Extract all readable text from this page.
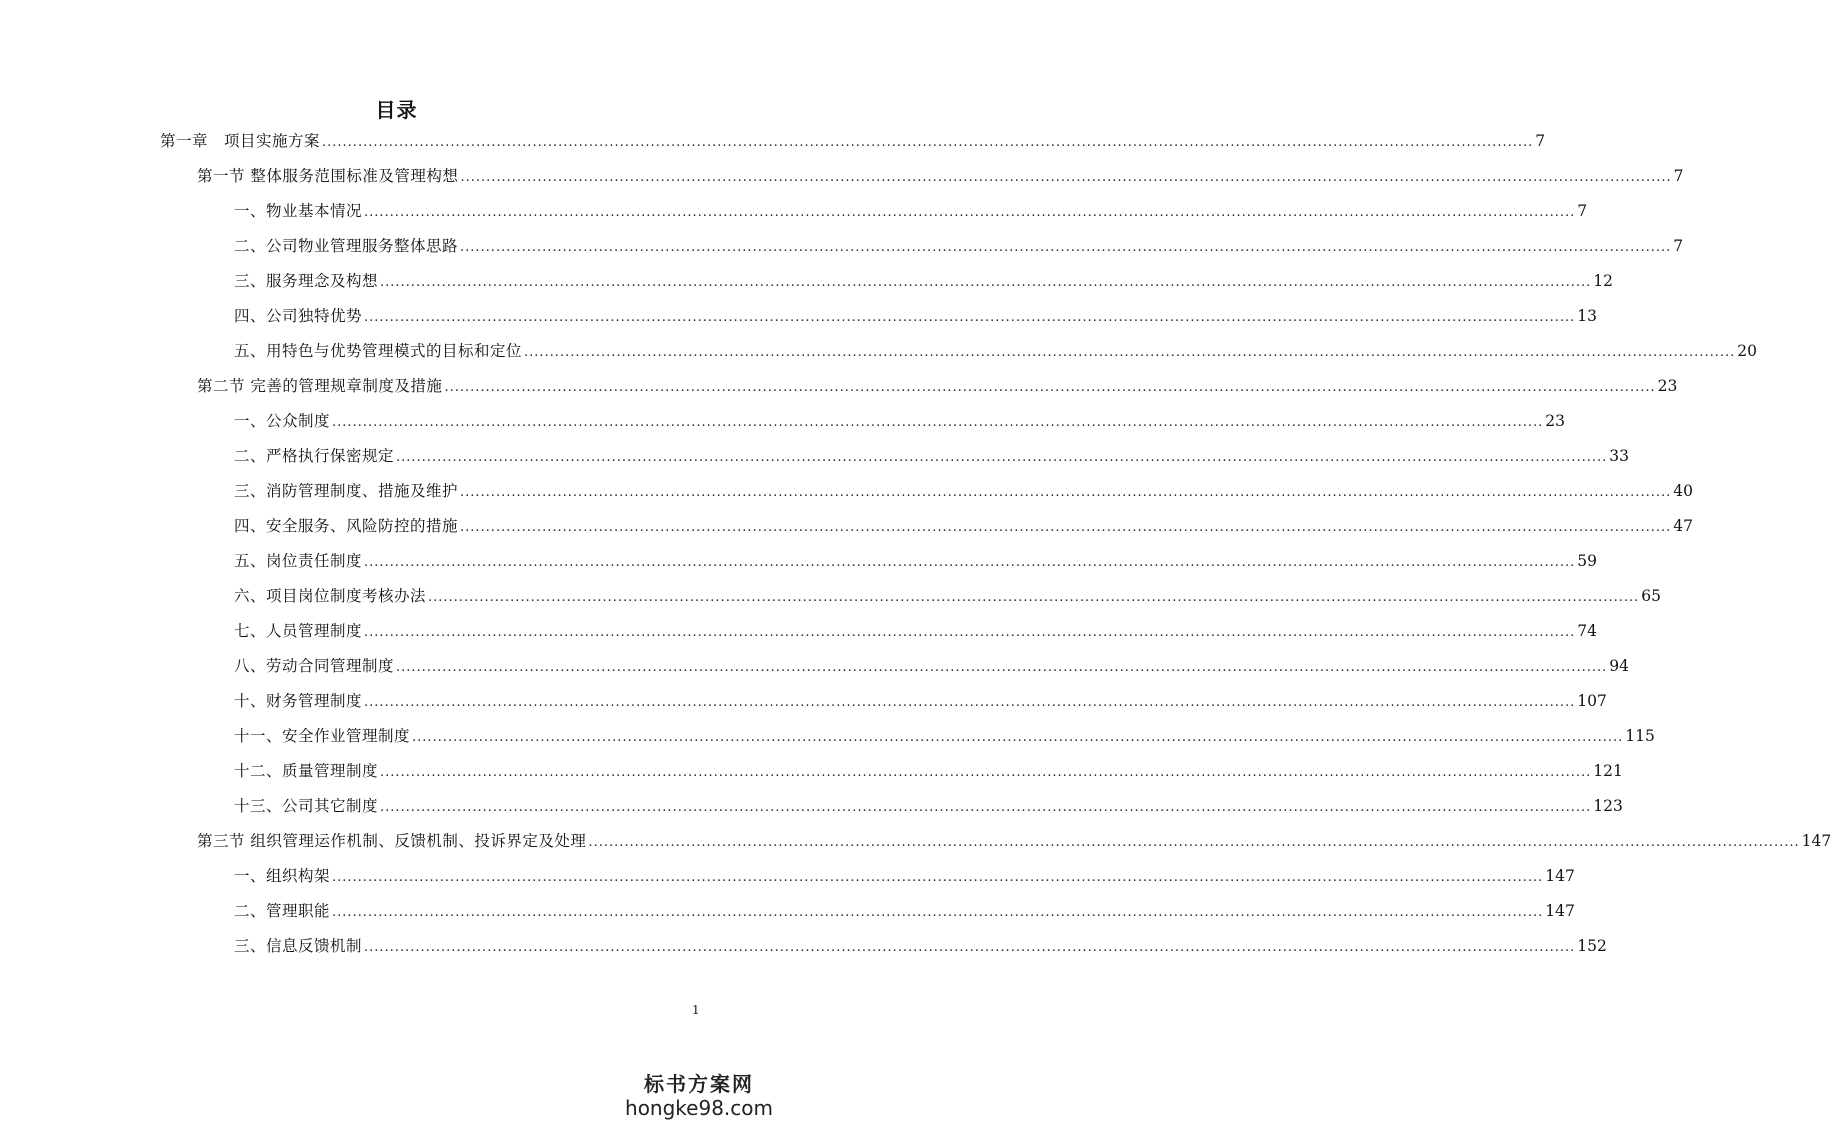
目录
第一章　项目实施方案 ............................................................................................................................................................................................................................................ 7
第一节 整体服务范围标准及管理构想 ............................................................................................................................................................................................................................................ 7
一、物业基本情况 ............................................................................................................................................................................................................................................ 7
二、公司物业管理服务整体思路 ............................................................................................................................................................................................................................................ 7
三、服务理念及构想 ............................................................................................................................................................................................................................................ 12
四、公司独特优势 ............................................................................................................................................................................................................................................ 13
五、用特色与优势管理模式的目标和定位 ............................................................................................................................................................................................................................................ 20
第二节 完善的管理规章制度及措施 ............................................................................................................................................................................................................................................ 23
一、公众制度 ............................................................................................................................................................................................................................................ 23
二、严格执行保密规定 ............................................................................................................................................................................................................................................ 33
三、消防管理制度、措施及维护 ............................................................................................................................................................................................................................................ 40
四、安全服务、风险防控的措施 ............................................................................................................................................................................................................................................ 47
五、岗位责任制度 ............................................................................................................................................................................................................................................ 59
六、项目岗位制度考核办法 ............................................................................................................................................................................................................................................ 65
七、人员管理制度 ............................................................................................................................................................................................................................................ 74
八、劳动合同管理制度 ............................................................................................................................................................................................................................................ 94
十、财务管理制度 ............................................................................................................................................................................................................................................ 107
十一、安全作业管理制度 ............................................................................................................................................................................................................................................ 115
十二、质量管理制度 ............................................................................................................................................................................................................................................ 121
十三、公司其它制度 ............................................................................................................................................................................................................................................ 123
第三节 组织管理运作机制、反馈机制、投诉界定及处理 ............................................................................................................................................................................................................................................ 147
一、组织构架 ............................................................................................................................................................................................................................................ 147
二、管理职能 ............................................................................................................................................................................................................................................ 147
三、信息反馈机制 ............................................................................................................................................................................................................................................ 152
1
标书方案网
hongke98.com
